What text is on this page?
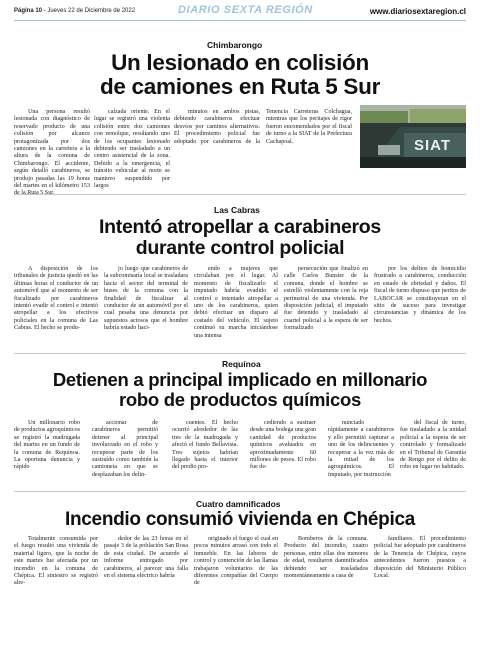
Página 10 - Jueves 22 de Diciembre de 2022	DIARIO SEXTA REGIÓN	www.diariosextaregion.cl
Chimbarongo
Un lesionado en colisión
de camiones en Ruta 5 Sur

Una persona resultó lesionada con diagnóstico de reservado producto de una colisión por alcance protagonizada por dos camiones en la carretera a la altura de la comuna de Chimbarongo. El accidente, según detalló carabineros, se produjo pasadas las 19 horas del martes en el kilómetro 153 de la Ruta 5 Sur,

calzada oriente. En el lugar se registró una violenta colisión entre dos camiones con remolque, resultando uno de los ocupantes lesionado debiendo ser trasladado a un centro asistencial de la zona. Debido a la emergencia, el tránsito vehicular al norte se mantuvo suspendido por largos

minutos en ambos pistas, debiendo carabineros efectuar desvíos por caminos alternativos. El procedimiento policial fue adoptado por carabineros de la Tenencia Carreteras Colchagua, mientras que los peritajes de rigor fueron encomendados por el fiscal de turno a la SIAT de la Prefectura Cachapoal.	SIAT
Las Cabras
Intentó atropellar a carabineros
durante control policial

A disposición de los tribunales de justicia quedó en las últimas horas el conductor de un automóvil que al momento de ser fiscalizado por carabineros intentó evadir el control e intentó atropellar a los efectivos policiales en la comuna de Las Cabras. El hecho se produ-

jo luego que carabineros de la subcomisaría local se trasladara hacia el sector del terminal de buses de la comuna con la finalidad de fiscalizar al conductor de un automóvil por el cual pesaba una denuncia por supuestos actosos que el hombre habría estado haci-

endo a mujeres que circulaban por el lugar. Al momento de fiscalizarlo el imputado habría evadido el control e intentado atropellar a uno de los carabineros, quien debió efectuar un disparo al costado del vehículo. El sujeto continuó su marcha iniciándose una intensa

persecución que finalizó en calle Carlos Bunster de la comuna, donde el hombre se estrelló violentamente con la reja perimetral de una vivienda. Por disposición judicial, el imputado fue detenido y trasladado al cuartel policial a la espera de ser formalizado

por los delitos de homicidio frustrado a carabineros, conducción en estado de ebriedad y daños. El fiscal de turno dispuso que peritos de LABOCAR se constituyeran en el sitio de suceso para investigar circunstancias y dinámica de los hechos.

Requínoa
Detienen a principal implicado en millonario
robo de productos químicos

Un millonario robo de productos agroquímicos se registró la madrugada del martes en un fundo de la comuna de Requínoa. La oportuna denuncia y rápido

accionar de carabineros permitió detener al principal involucrado en el robo y recuperar parte de los sustraído como también la camioneta en que se desplazaban los delin-

cuentes. El hecho ocurrió alrededor de las tres de la madrugada y afectó el fundo Bellavista. Tres sujetos habrían llegado hasta el interior del predio pro-

cediendo a sustraer desde una bodega una gran cantidad de productos químicos avaluados en aproximadamente 60 millones de pesos. El robo fue de-

nunciado rápidamente a carabineros y ello permitió capturar a uno de los delincuentes y recuperar a la vez más de la mitad de los agroquímicos. El imputado, por instrucción

del fiscal de turno, fue trasladado a la unidad policial a la espera de ser controlado y formalizado en el Tribunal de Garantía de Rengo por el delito de robo en lugar no habitado.

Cuatro damnificados
Incendio consumió vivienda en Chépica

Totalmente consumida por el fuego resultó una vivienda de material ligero, que la noche de este martes fue afectada por un incendio en la comuna de Chépica. El siniestro se registró alre-

dedor de las 23 horas en el pasaje 3 de la población San Rosa de esta ciudad. De acuerdo al informe entregado por carabineros, al parecer una falla en el sistema eléctrico habría

originado el fuego el cual en pocos minutos arrasó con todo el inmueble. En las labores de control y contención de las llamas trabajaron voluntarios de las diferentes compañías del Cuerpo de

Bomberos de la comuna. Producto del incendio, cuatro personas, entre ellas dos menores de edad, resultaron damnificados debiendo ser trasladados momentáneamente a casa de

familiares. El procedimiento policial fue adoptado por carabineros de la Tenencia de Chépica, cuyos antecedentes fueron puestos a disposición del Ministerio Público Local.
